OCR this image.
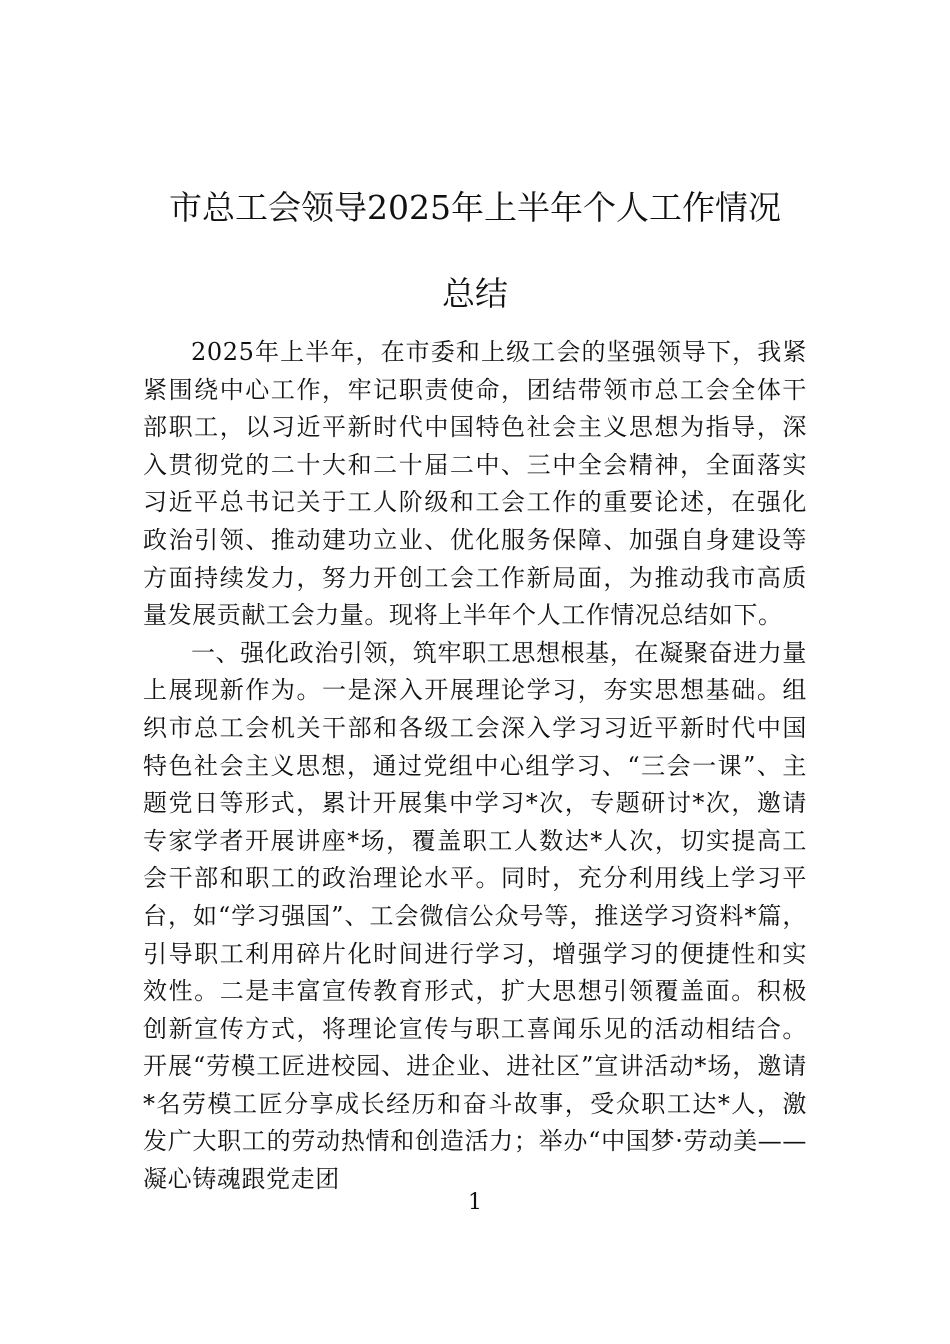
市总工会领导2025年上半年个人工作情况
总结

2025年上半年，在市委和上级工会的坚强领导下，我紧紧围绕中心工作，牢记职责使命，团结带领市总工会全体干部职工，以习近平新时代中国特色社会主义思想为指导，深入贯彻党的二十大和二十届二中、三中全会精神，全面落实习近平总书记关于工人阶级和工会工作的重要论述，在强化政治引领、推动建功立业、优化服务保障、加强自身建设等方面持续发力，努力开创工会工作新局面，为推动我市高质量发展贡献工会力量。现将上半年个人工作情况总结如下。

一、强化政治引领，筑牢职工思想根基，在凝聚奋进力量上展现新作为。一是深入开展理论学习，夯实思想基础。组织市总工会机关干部和各级工会深入学习习近平新时代中国特色社会主义思想，通过党组中心组学习、“三会一课”、主题党日等形式，累计开展集中学习*次，专题研讨*次，邀请专家学者开展讲座*场，覆盖职工人数达*人次，切实提高工会干部和职工的政治理论水平。同时，充分利用线上学习平台，如“学习强国”、工会微信公众号等，推送学习资料*篇，引导职工利用碎片化时间进行学习，增强学习的便捷性和实效性。二是丰富宣传教育形式，扩大思想引领覆盖面。积极创新宣传方式，将理论宣传与职工喜闻乐见的活动相结合。开展“劳模工匠进校园、进企业、进社区”宣讲活动*场，邀请*名劳模工匠分享成长经历和奋斗故事，受众职工达*人，激发广大职工的劳动热情和创造活力；举办“中国梦·劳动美——凝心铸魂跟党走团

1
